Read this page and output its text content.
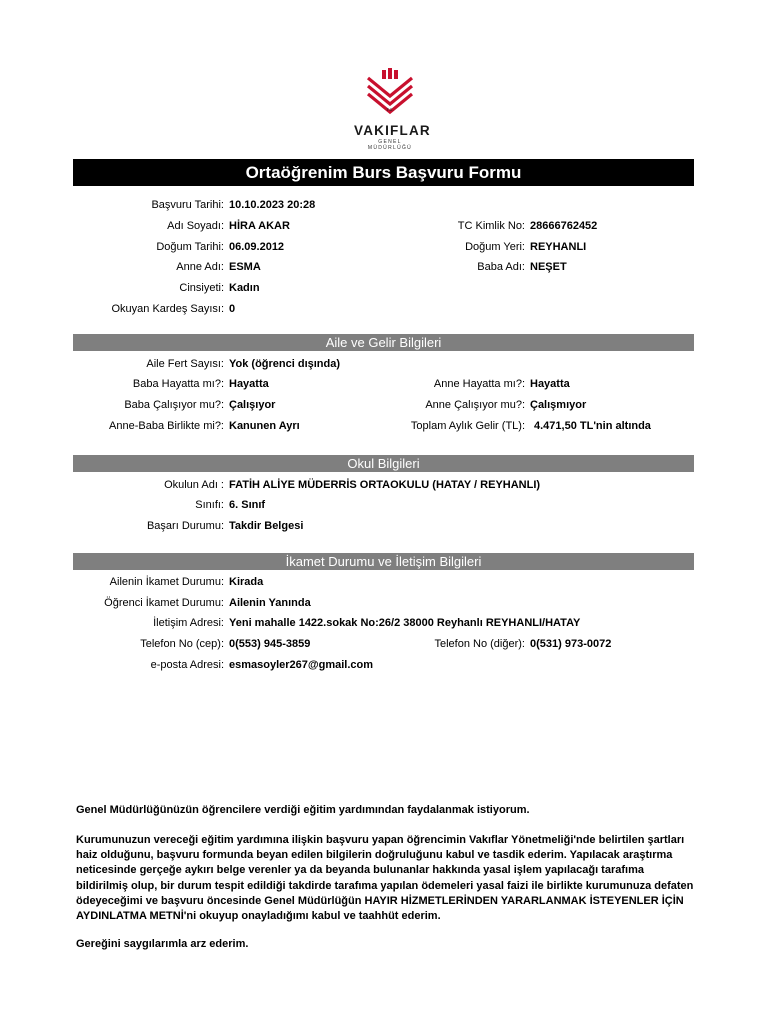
T.C.
VAKIFLAR
GENEL MÜDÜRLÜĞÜ
Ortaöğrenim Burs Başvuru Formu
Başvuru Tarihi: 10.10.2023 20:28
Adı Soyadı: HİRA AKAR	TC Kimlik No: 28666762452
Doğum Tarihi: 06.09.2012	Doğum Yeri: REYHANLI
Anne Adı: ESMA	Baba Adı: NEŞET
Cinsiyeti: Kadın
Okuyan Kardeş Sayısı: 0
Aile ve Gelir Bilgileri
Aile Fert Sayısı: Yok (öğrenci dışında)
Baba Hayatta mı?: Hayatta	Anne Hayatta mı?: Hayatta
Baba Çalışıyor mu?: Çalışıyor	Anne Çalışıyor mu?: Çalışmıyor
Anne-Baba Birlikte mi?: Kanunen Ayrı	Toplam Aylık Gelir (TL): 4.471,50 TL'nin altında
Okul Bilgileri
Okulun Adı : FATİH ALİYE MÜDERRİS ORTAOKULU (HATAY / REYHANLI)
Sınıfı: 6. Sınıf
Başarı Durumu: Takdir Belgesi
İkamet Durumu ve İletişim Bilgileri
Ailenin İkamet Durumu: Kirada
Öğrenci İkamet Durumu: Ailenin Yanında
İletişim Adresi: Yeni mahalle 1422.sokak No:26/2 38000 Reyhanlı REYHANLI/HATAY
Telefon No (cep): 0(553) 945-3859	Telefon No (diğer): 0(531) 973-0072
e-posta Adresi: esmasoyler267@gmail.com
Genel Müdürlüğünüzün öğrencilere verdiği eğitim yardımından faydalanmak istiyorum.
Kurumunuzun vereceği eğitim yardımına ilişkin başvuru yapan öğrencimin Vakıflar Yönetmeliği'nde belirtilen şartları haiz olduğunu, başvuru formunda beyan edilen bilgilerin doğruluğunu kabul ve tasdik ederim. Yapılacak araştırma neticesinde gerçeğe aykırı belge verenler ya da beyanda bulunanlar hakkında yasal işlem yapılacağı tarafıma bildirilmiş olup, bir durum tespit edildiği takdirde tarafıma yapılan ödemeleri yasal faizi ile birlikte kurumunuza defaten ödeyeceğimi ve başvuru öncesinde Genel Müdürlüğün HAYIR HİZMETLERİNDEN YARARLANMAK İSTEYENLER İÇİN AYDINLATMA METNİ'ni okuyup onayladığımı kabul ve taahhüt ederim.
Gereğini saygılarımla arz ederim.
